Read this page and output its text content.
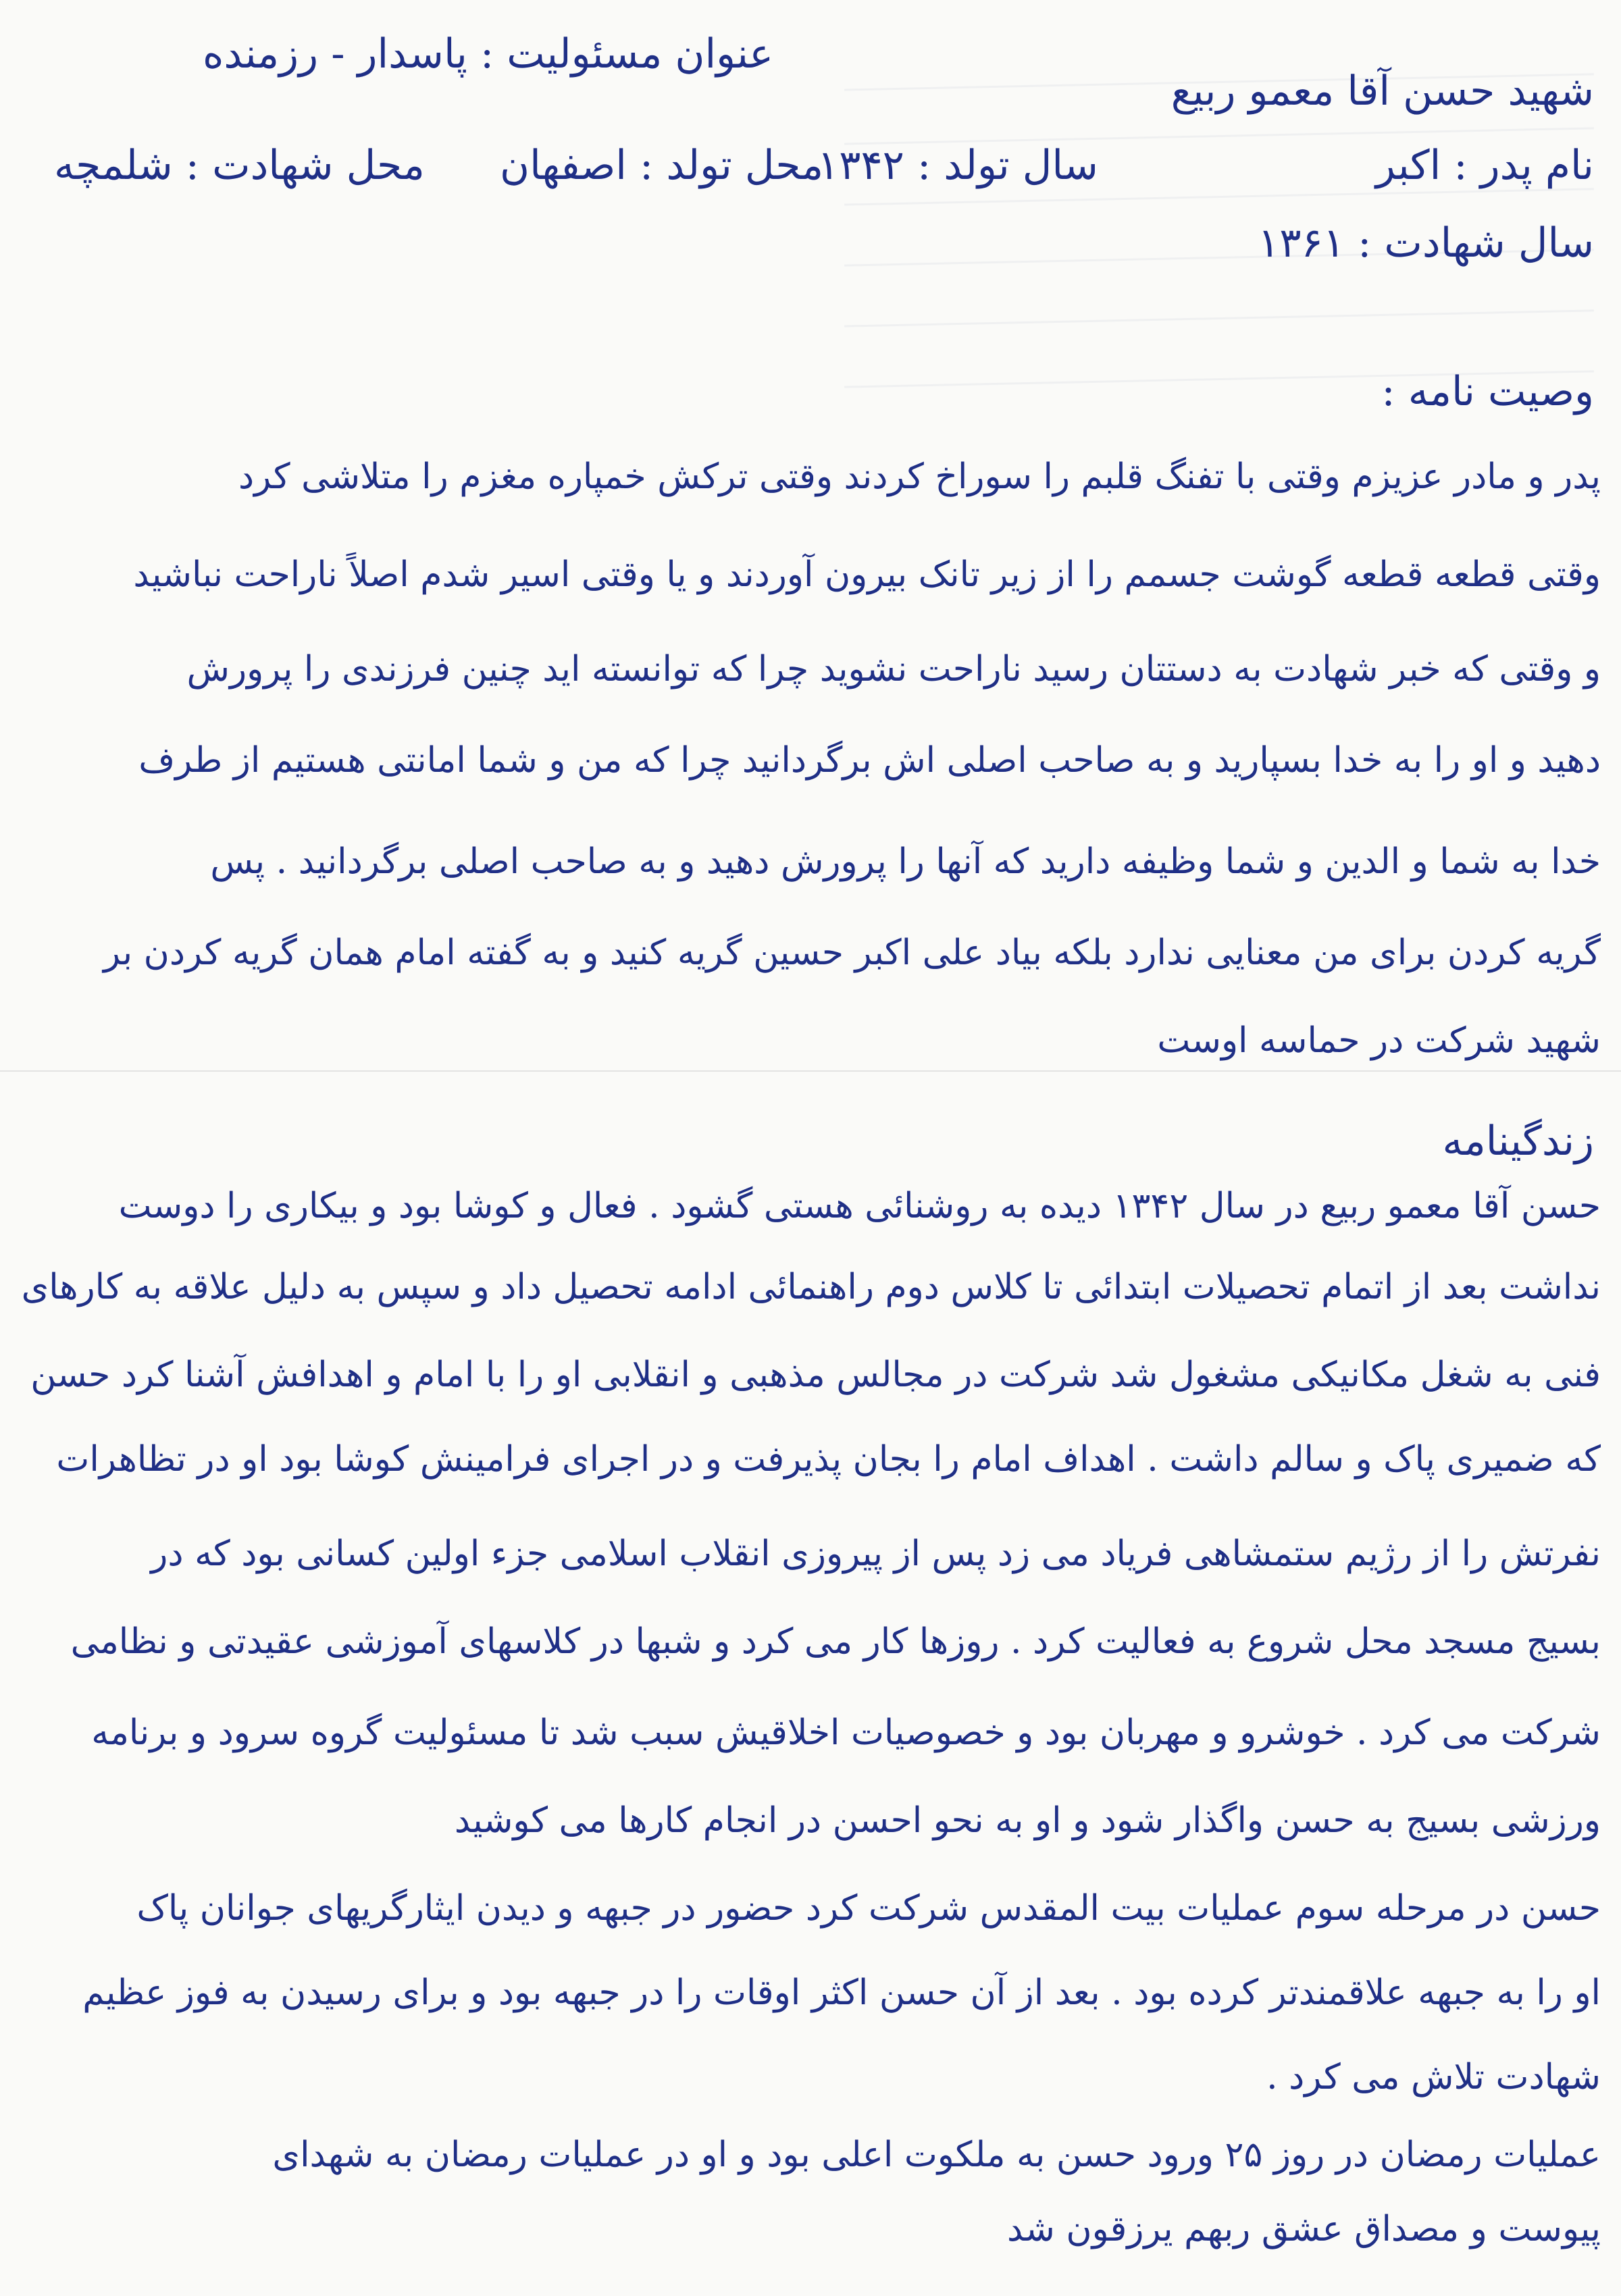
عنوان مسئولیت : پاسدار - رزمنده
شهید حسن آقا معمو ربیع
نام پدر : اکبر
سال تولد : ۱۳۴۲
محل تولد : اصفهان
محل شهادت : شلمچه
سال شهادت : ۱۳۶۱
وصیت نامه :
پدر و مادر عزیزم وقتی با تفنگ قلبم را سوراخ کردند وقتی ترکش خمپاره مغزم را متلاشی کرد
وقتی قطعه قطعه گوشت جسمم را از زیر تانک بیرون آوردند و یا وقتی اسیر شدم اصلاً ناراحت نباشید
و وقتی که خبر شهادت به دستتان رسید ناراحت نشوید چرا که توانسته اید چنین فرزندی را پرورش
دهید و او را به خدا بسپارید و به صاحب اصلی اش برگردانید چرا که من و شما امانتی هستیم از طرف
خدا به شما و الدین و شما وظیفه دارید که آنها را پرورش دهید و به صاحب اصلی برگردانید . پس
گریه کردن برای من معنایی ندارد بلکه بیاد علی اکبر حسین گریه کنید و به گفته امام همان گریه کردن بر
شهید شرکت در حماسه اوست
زندگینامه
حسن آقا معمو ربیع در سال ۱۳۴۲ دیده به روشنائی هستی گشود . فعال و کوشا بود و بیکاری را دوست
نداشت بعد از اتمام تحصیلات ابتدائی تا کلاس دوم راهنمائی ادامه تحصیل داد و سپس به دلیل علاقه به کارهای
فنی به شغل مکانیکی مشغول شد شرکت در مجالس مذهبی و انقلابی او را با امام و اهدافش آشنا کرد حسن
که ضمیری پاک و سالم داشت . اهداف امام را بجان پذیرفت و در اجرای فرامینش کوشا بود او در تظاهرات
نفرتش را از رژیم ستمشاهی فریاد می زد پس از پیروزی انقلاب اسلامی جزء اولین کسانی بود که در
بسیج مسجد محل شروع به فعالیت کرد . روزها کار می کرد و شبها در کلاسهای آموزشی عقیدتی و نظامی
شرکت می کرد . خوشرو و مهربان بود و خصوصیات اخلاقیش سبب شد تا مسئولیت گروه سرود و برنامه
ورزشی بسیج به حسن واگذار شود و او به نحو احسن در انجام کارها می کوشید
حسن در مرحله سوم عملیات بیت المقدس شرکت کرد حضور در جبهه و دیدن ایثارگریهای جوانان پاک
او را به جبهه علاقمندتر کرده بود . بعد از آن حسن اکثر اوقات را در جبهه بود و برای رسیدن به فوز عظیم
شهادت تلاش می کرد .
عملیات رمضان در روز ۲۵ ورود حسن به ملکوت اعلی بود و او در عملیات رمضان به شهدای
پیوست و مصداق عشق ربهم یرزقون شد
